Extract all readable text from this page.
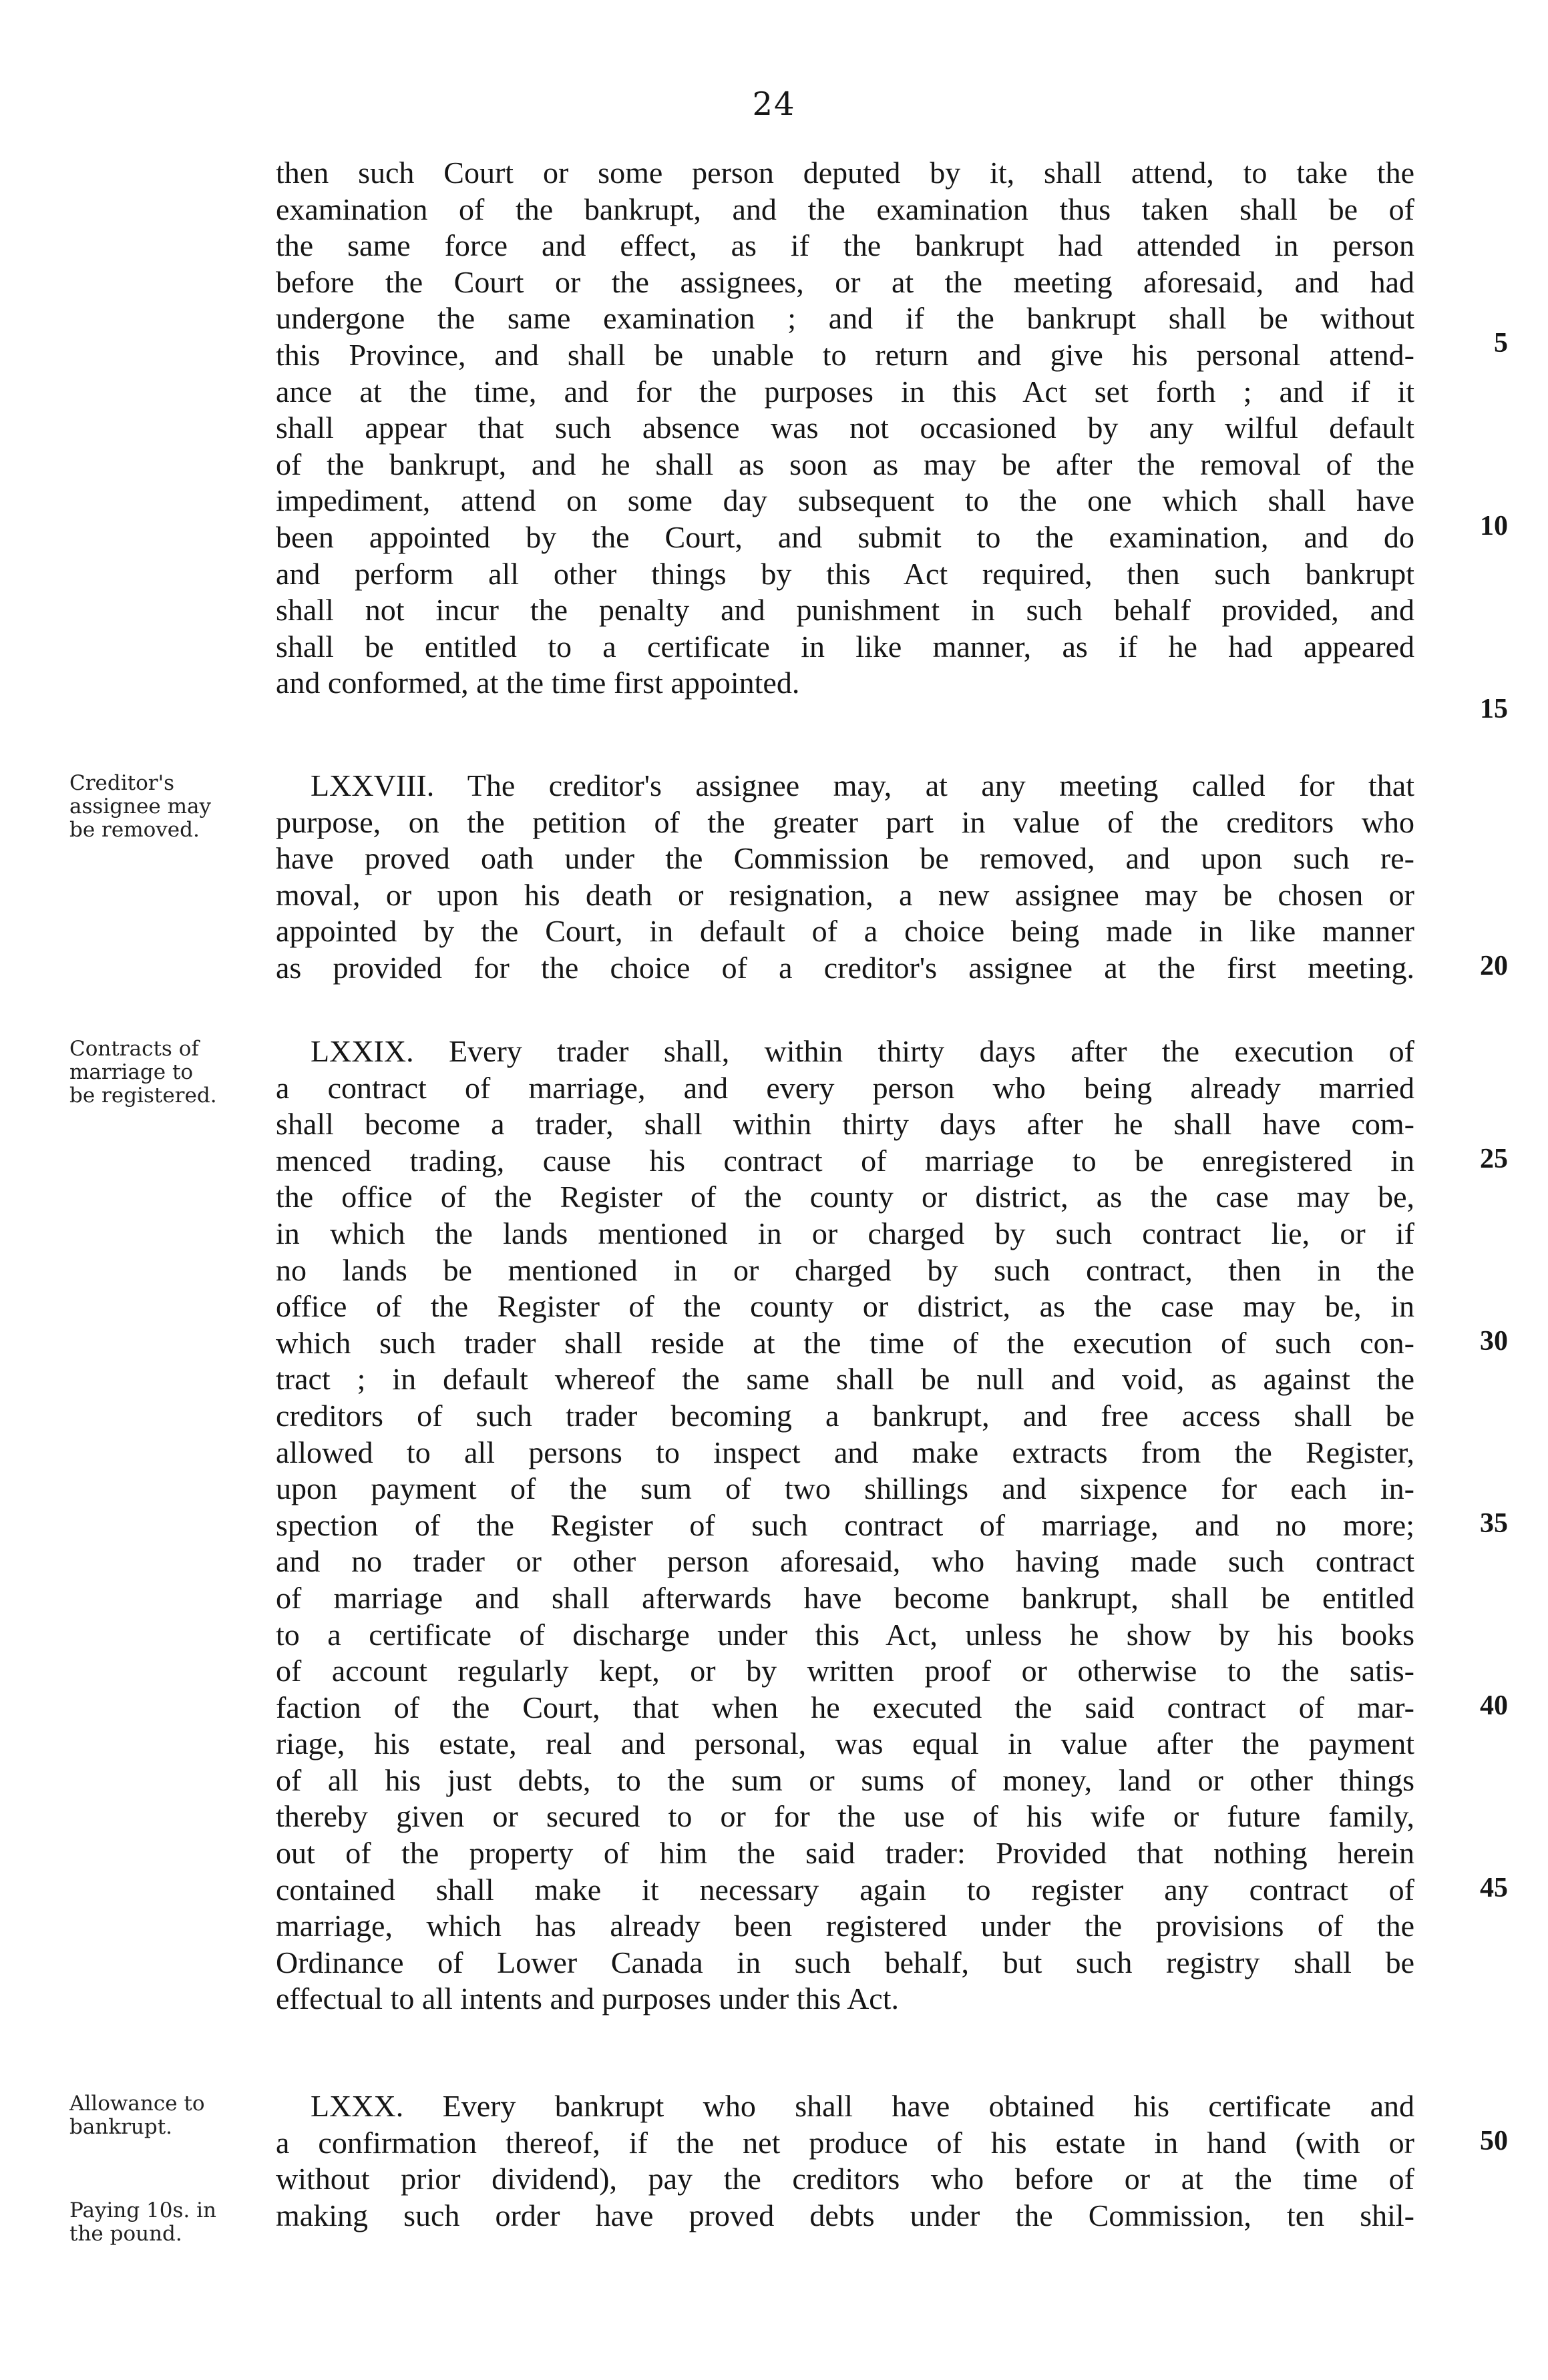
24
then such Court or some person deputed by it, shall attend, to take the
examination of the bankrupt, and the examination thus taken shall be of
the same force and effect, as if the bankrupt had attended in person
before the Court or the assignees, or at the meeting aforesaid, and had
undergone the same examination ; and if the bankrupt shall be without
this Province, and shall be unable to return and give his personal attend-
ance at the time, and for the purposes in this Act set forth ; and if it
shall appear that such absence was not occasioned by any wilful default
of the bankrupt, and he shall as soon as may be after the removal of the
impediment, attend on some day subsequent to the one which shall have
been appointed by the Court, and submit to the examination, and do
and perform all other things by this Act required, then such bankrupt
shall not incur the penalty and punishment in such behalf provided, and
shall be entitled to a certificate in like manner, as if he had appeared
and conformed, at the time first appointed.
Creditor's
assignee may
be removed.
LXXVIII. The creditor's assignee may, at any meeting called for that
purpose, on the petition of the greater part in value of the creditors who
have proved oath under the Commission be removed, and upon such re-
moval, or upon his death or resignation, a new assignee may be chosen or
appointed by the Court, in default of a choice being made in like manner
as provided for the choice of a creditor's assignee at the first meeting.
Contracts of
marriage to
be registered.
LXXIX. Every trader shall, within thirty days after the execution of
a contract of marriage, and every person who being already married
shall become a trader, shall within thirty days after he shall have com-
menced trading, cause his contract of marriage to be enregistered in
the office of the Register of the county or district, as the case may be,
in which the lands mentioned in or charged by such contract lie, or if
no lands be mentioned in or charged by such contract, then in the
office of the Register of the county or district, as the case may be, in
which such trader shall reside at the time of the execution of such con-
tract ; in default whereof the same shall be null and void, as against the
creditors of such trader becoming a bankrupt, and free access shall be
allowed to all persons to inspect and make extracts from the Register,
upon payment of the sum of two shillings and sixpence for each in-
spection of the Register of such contract of marriage, and no more;
and no trader or other person aforesaid, who having made such contract
of marriage and shall afterwards have become bankrupt, shall be entitled
to a certificate of discharge under this Act, unless he show by his books
of account regularly kept, or by written proof or otherwise to the satis-
faction of the Court, that when he executed the said contract of mar-
riage, his estate, real and personal, was equal in value after the payment
of all his just debts, to the sum or sums of money, land or other things
thereby given or secured to or for the use of his wife or future family,
out of the property of him the said trader: Provided that nothing herein
contained shall make it necessary again to register any contract of
marriage, which has already been registered under the provisions of the
Ordinance of Lower Canada in such behalf, but such registry shall be
effectual to all intents and purposes under this Act.
Allowance to
bankrupt.
Paying 10s. in
the pound.
LXXX. Every bankrupt who shall have obtained his certificate and
a confirmation thereof, if the net produce of his estate in hand (with or
without prior dividend), pay the creditors who before or at the time of
making such order have proved debts under the Commission, ten shil-
5
10
15
20
25
30
35
40
45
50
